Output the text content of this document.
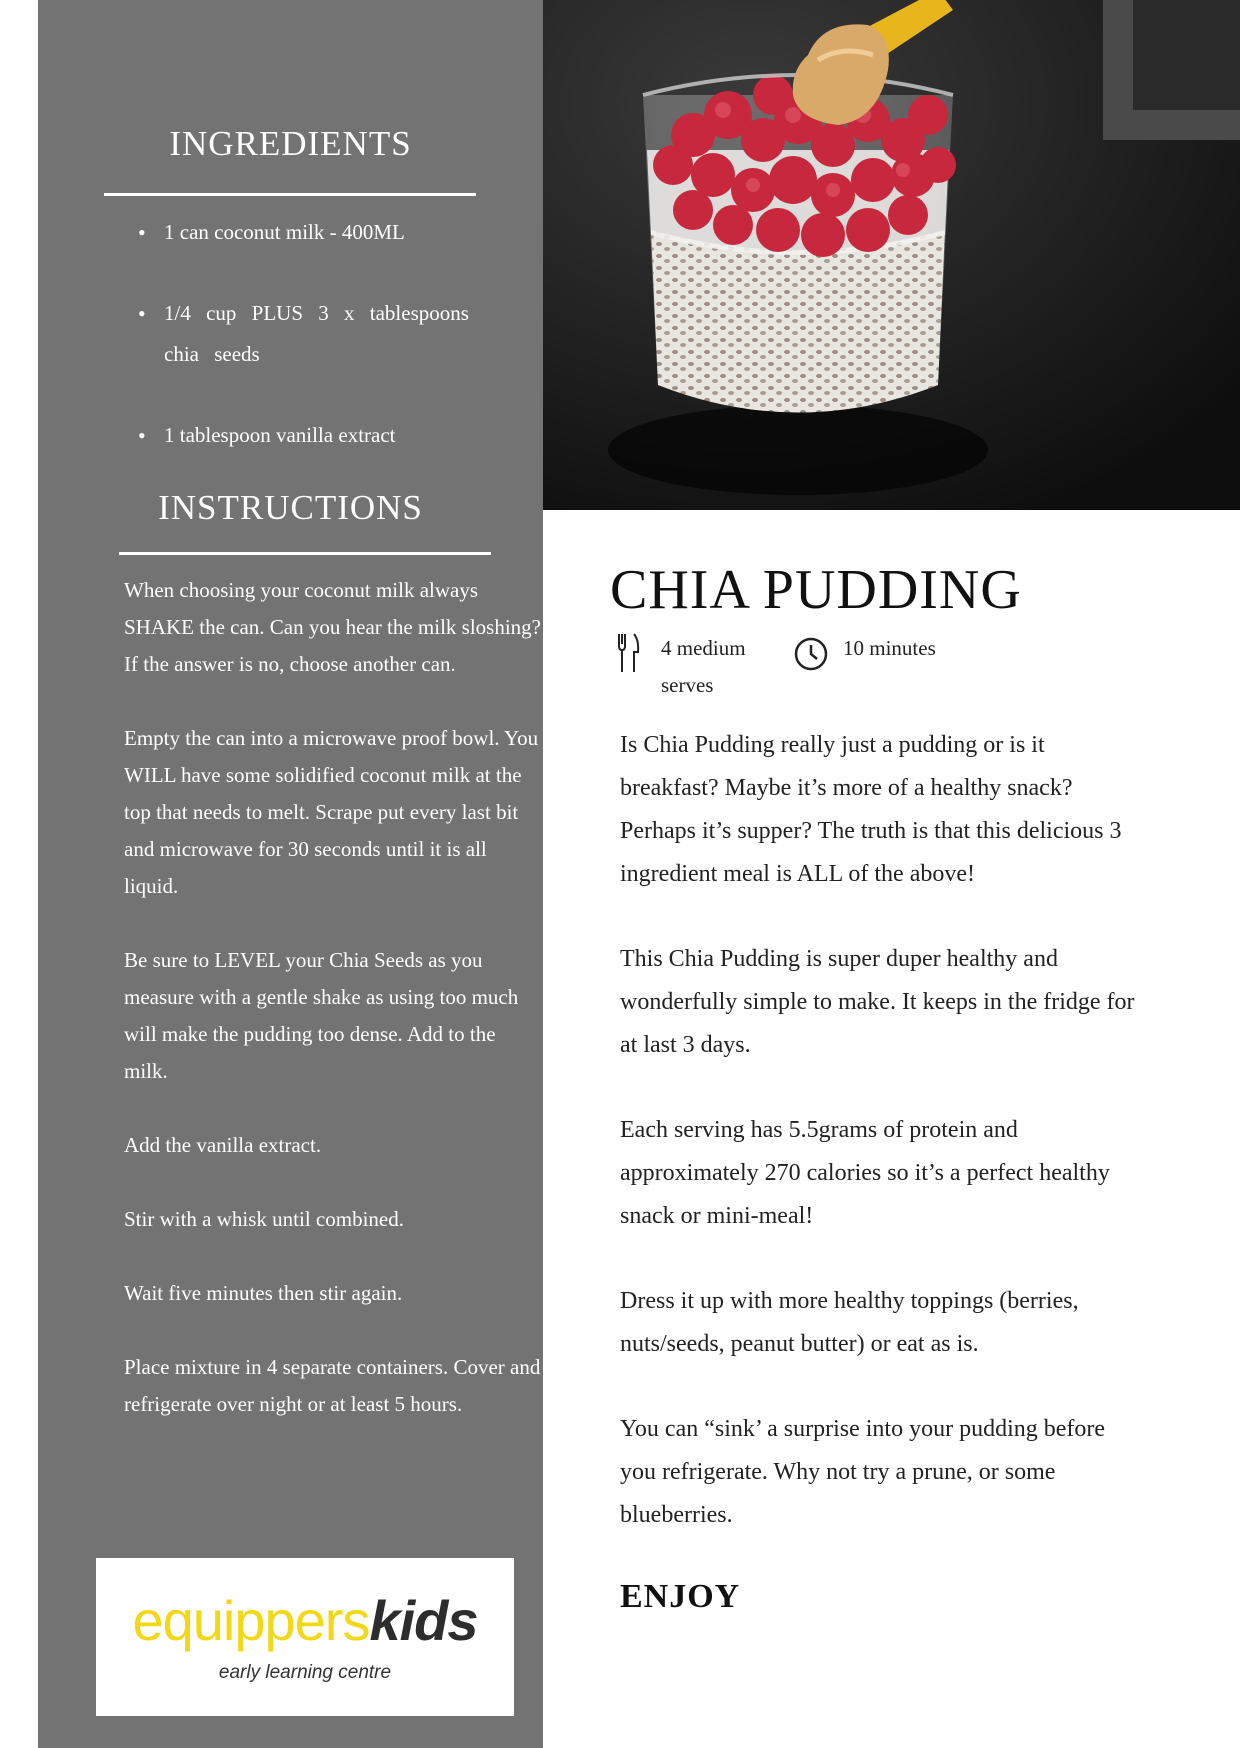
INGREDIENTS
• 1 can coconut milk - 400ML
• 1/4 cup PLUS 3 x tablespoons chia seeds
• 1 tablespoon vanilla extract
INSTRUCTIONS

When choosing your coconut milk always SHAKE the can. Can you hear the milk sloshing? If the answer is no, choose another can.

Empty the can into a microwave proof bowl. You WILL have some solidified coconut milk at the top that needs to melt. Scrape put every last bit and microwave for 30 seconds until it is all liquid.

Be sure to LEVEL your Chia Seeds as you measure with a gentle shake as using too much will make the pudding too dense. Add to the milk.

Add the vanilla extract.

Stir with a whisk until combined.

Wait five minutes then stir again.

Place mixture in 4 separate containers. Cover and refrigerate over night or at least 5 hours.

equipperskids
early learning centre
CHIA PUDDING
4 medium serves
10 minutes

Is Chia Pudding really just a pudding or is it breakfast? Maybe it’s more of a healthy snack? Perhaps it’s supper? The truth is that this delicious 3 ingredient meal is ALL of the above!

This Chia Pudding is super duper healthy and wonderfully simple to make. It keeps in the fridge for at last 3 days.

Each serving has 5.5grams of protein and approximately 270 calories so it’s a perfect healthy snack or mini-meal!

Dress it up with more healthy toppings (berries, nuts/seeds, peanut butter) or eat as is.

You can “sink’ a surprise into your pudding before you refrigerate. Why not try a prune, or some blueberries.

ENJOY
